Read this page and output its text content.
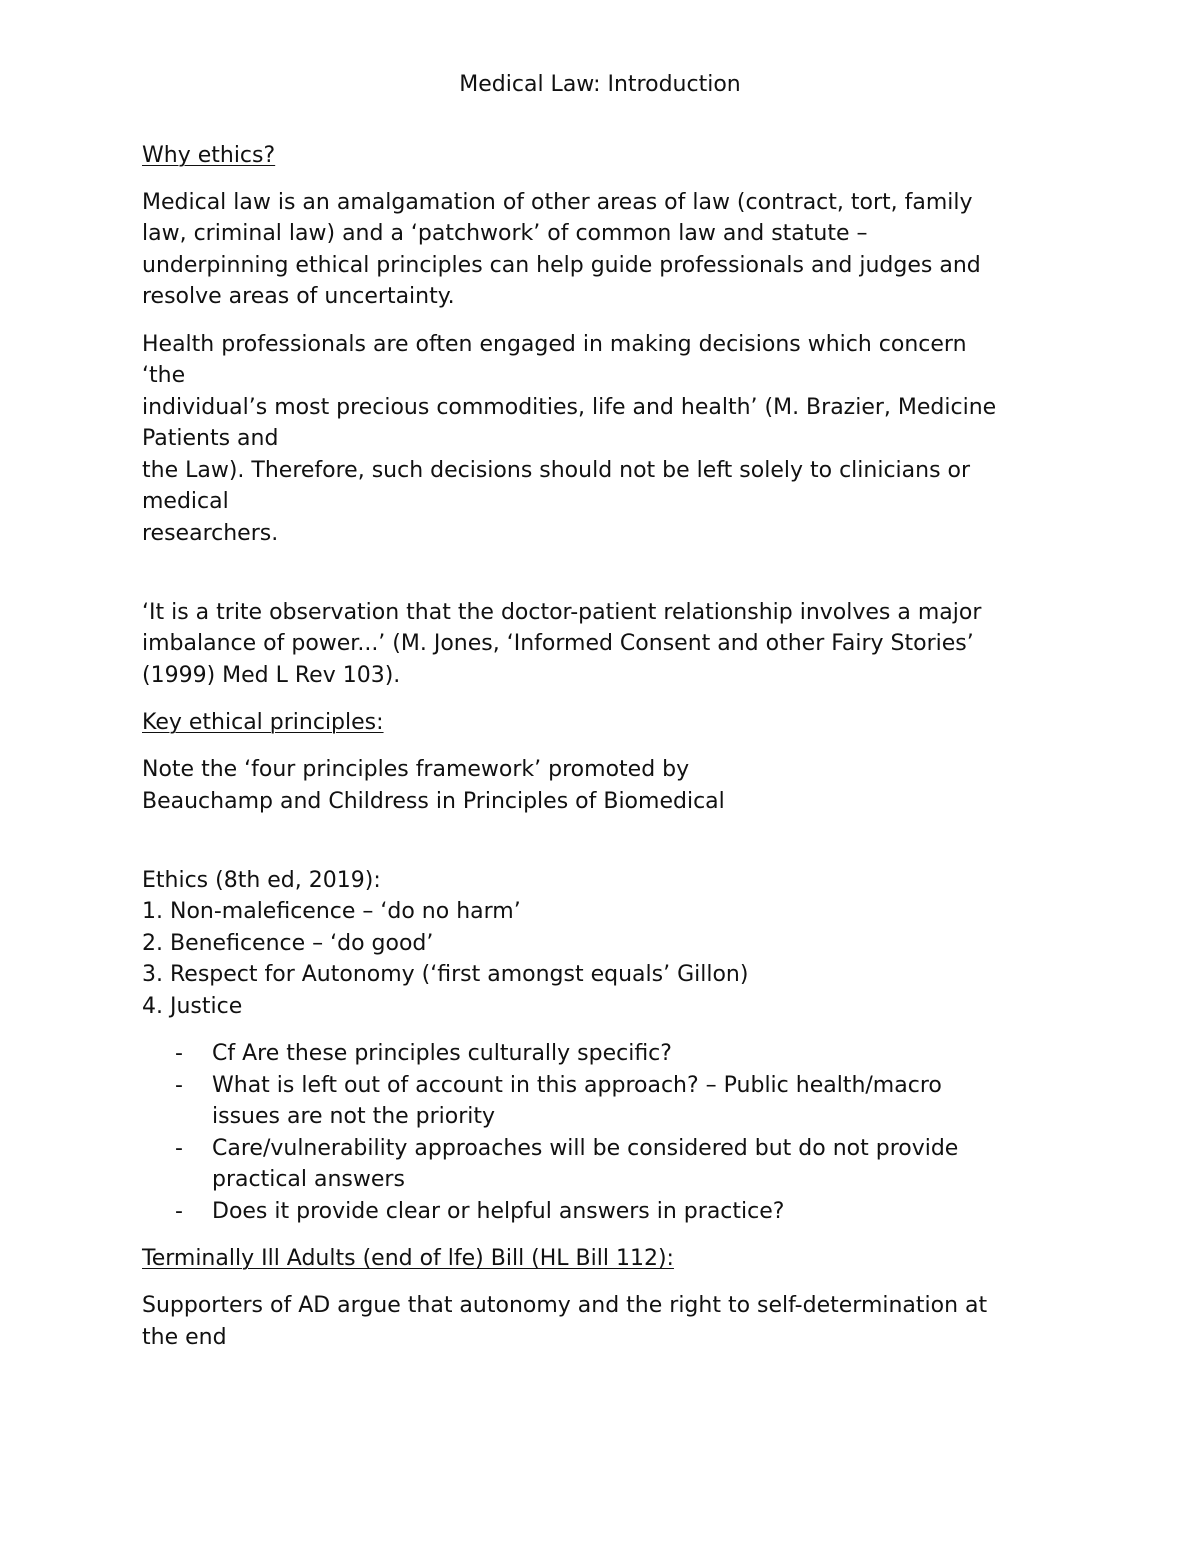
Medical Law: Introduction
Why ethics?
Medical law is an amalgamation of other areas of law (contract, tort, family
law, criminal law) and a ‘patchwork’ of common law and statute –
underpinning ethical principles can help guide professionals and judges and
resolve areas of uncertainty.
Health professionals are often engaged in making decisions which concern
‘the
individual’s most precious commodities, life and health’ (M. Brazier, Medicine
Patients and
the Law). Therefore, such decisions should not be left solely to clinicians or
medical
researchers.
‘It is a trite observation that the doctor-patient relationship involves a major
imbalance of power...’ (M. Jones, ‘Informed Consent and other Fairy Stories’
(1999) Med L Rev 103).
Key ethical principles:
Note the ‘four principles framework’ promoted by
Beauchamp and Childress in Principles of Biomedical
Ethics (8th ed, 2019):
1. Non-maleficence – ‘do no harm’
2. Beneficence – ‘do good’
3. Respect for Autonomy (‘first amongst equals’ Gillon)
4. Justice
- Cf Are these principles culturally specific?
- What is left out of account in this approach? – Public health/macro
issues are not the priority
- Care/vulnerability approaches will be considered but do not provide
practical answers
- Does it provide clear or helpful answers in practice?
Terminally Ill Adults (end of lfe) Bill (HL Bill 112):
Supporters of AD argue that autonomy and the right to self-determination at
the end
